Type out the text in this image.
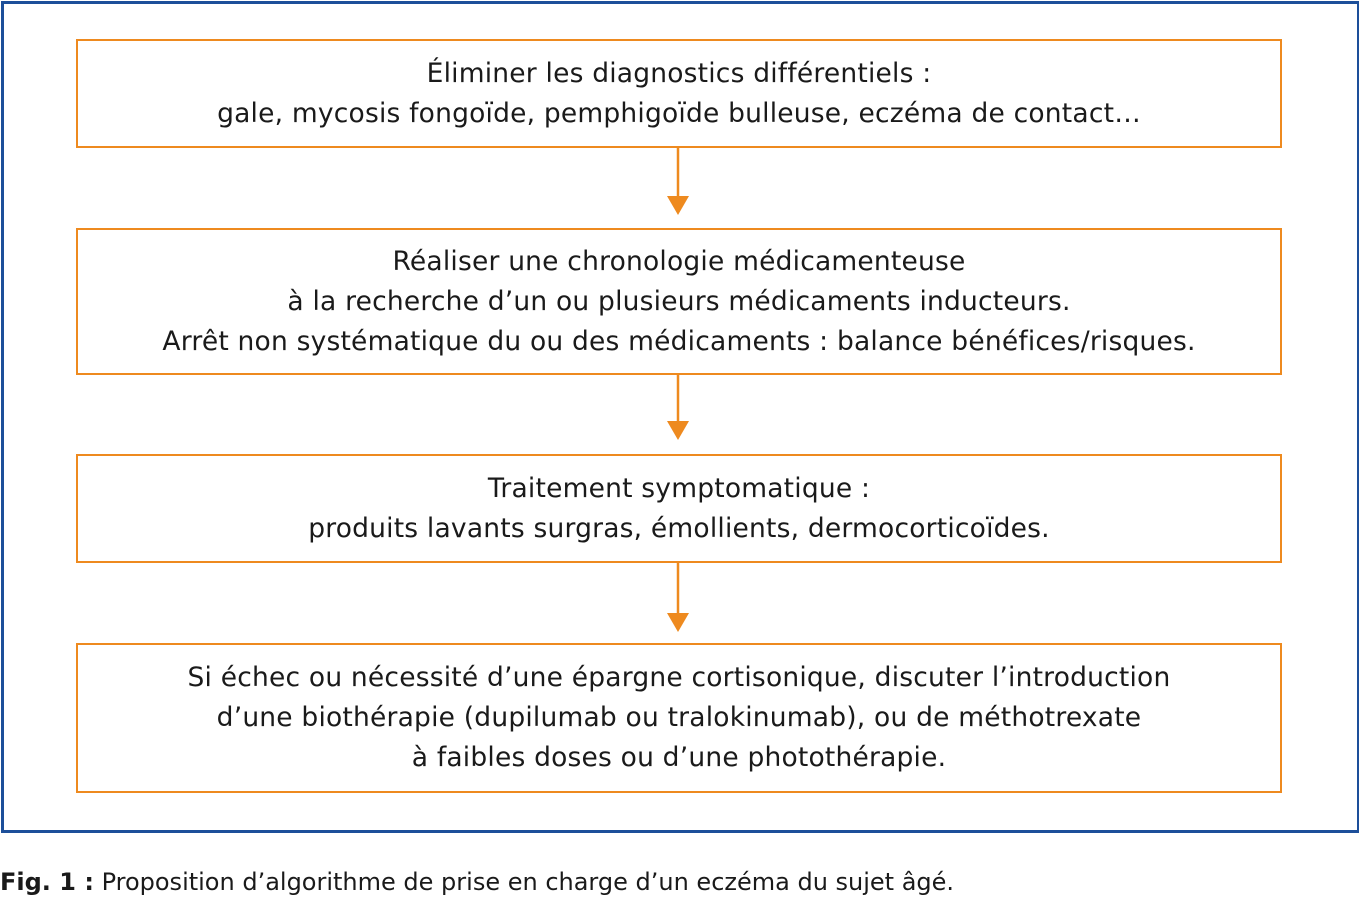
Éliminer les diagnostics différentiels :
gale, mycosis fongoïde, pemphigoïde bulleuse, eczéma de contact…
Réaliser une chronologie médicamenteuse
à la recherche d’un ou plusieurs médicaments inducteurs.
Arrêt non systématique du ou des médicaments : balance bénéfices/risques.
Traitement symptomatique :
produits lavants surgras, émollients, dermocorticoïdes.
Si échec ou nécessité d’une épargne cortisonique, discuter l’introduction
d’une biothérapie (dupilumab ou tralokinumab), ou de méthotrexate
à faibles doses ou d’une photothérapie.
Fig. 1 : Proposition d’algorithme de prise en charge d’un eczéma du sujet âgé.
